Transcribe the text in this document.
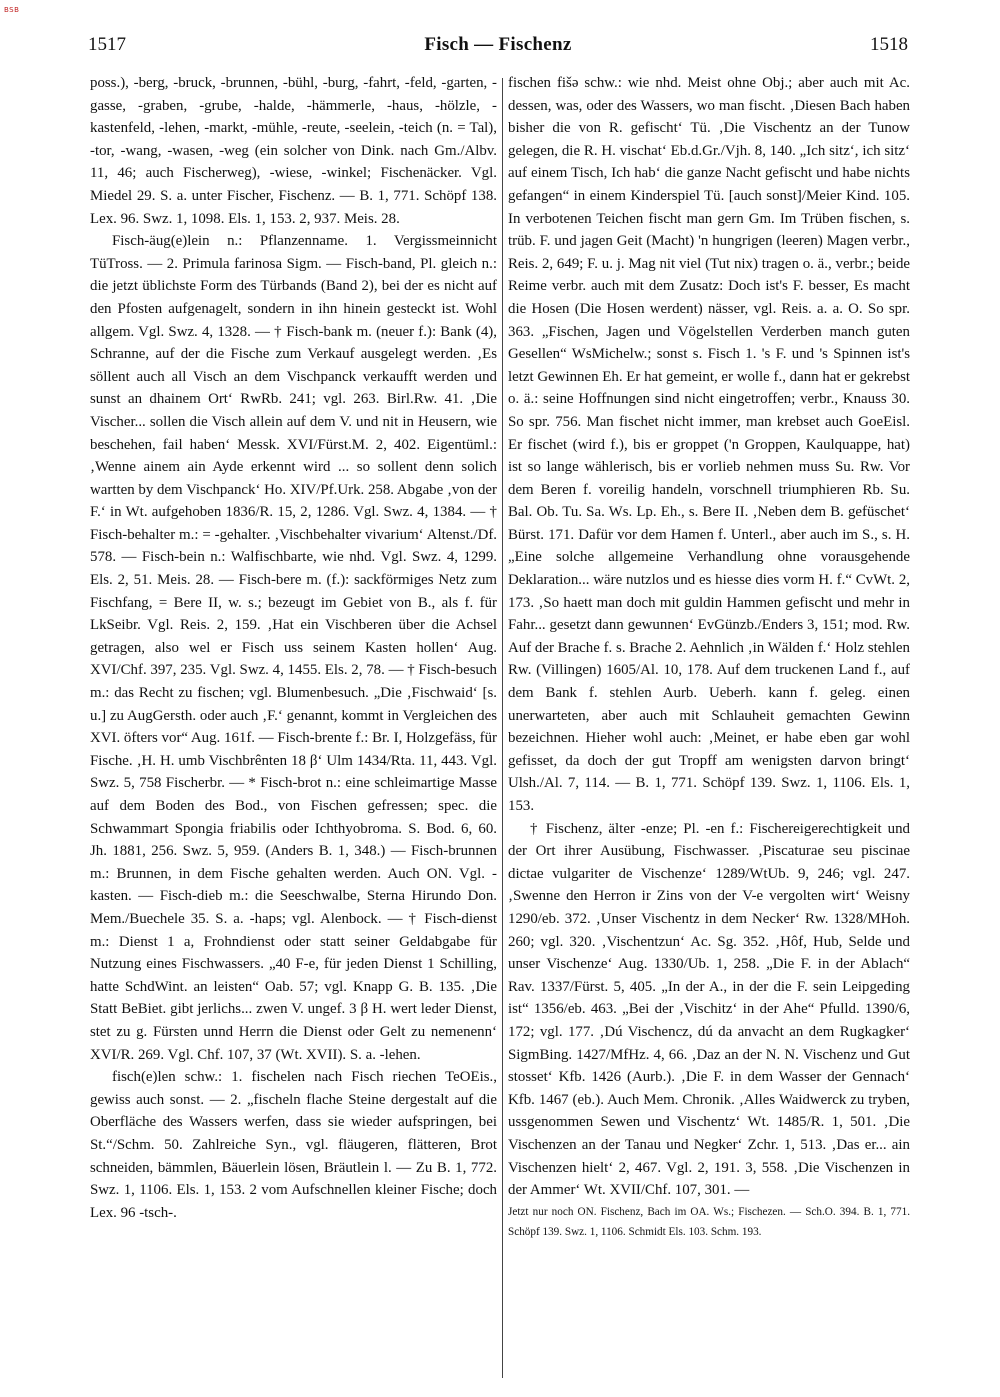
BSB
1517	Fisch — Fischenz	1518

poss.), -berg, -bruck, -brunnen, -bühl, -burg, -fahrt, -feld, -garten, -gasse, -graben, -grube, -halde, -hämmerle, -haus, -hölzle, -kastenfeld, -lehen, -markt, -mühle, -reute, -seelein, -teich (n. = Tal), -tor, -wang, -wasen, -weg (ein solcher von Dink. nach Gm./Albv. 11, 46; auch Fischerweg), -wiese, -winkel; Fischenäcker. Vgl. Miedel 29. S. a. unter Fischer, Fischenz. — B. 1, 771. Schöpf 138. Lex. 96. Swz. 1, 1098. Els. 1, 153. 2, 937. Meis. 28.

Fisch-äug(e)lein n.: Pflanzenname. 1. Vergissmeinnicht TüTross. — 2. Primula farinosa Sigm. — Fisch-band, Pl. gleich n.: die jetzt üblichste Form des Türbands (Band 2), bei der es nicht auf den Pfosten aufgenagelt, sondern in ihn hinein gesteckt ist. Wohl allgem. Vgl. Swz. 4, 1328. — † Fisch-bank m. (neuer f.): Bank (4), Schranne, auf der die Fische zum Verkauf ausgelegt werden. ‚Es söllent auch all Visch an dem Vischpanck verkaufft werden und sunst an dhainem Ort‘ RwRb. 241; vgl. 263. Birl.Rw. 41. ‚Die Vischer... sollen die Visch allein auf dem V. und nit in Heusern, wie beschehen, fail haben‘ Messk. XVI/Fürst.M. 2, 402. Eigentüml.: ‚Wenne ainem ain Ayde erkennt wird ... so sollent denn solich wartten by dem Vischpanck‘ Ho. XIV/Pf.Urk. 258. Abgabe ‚von der F.‘ in Wt. aufgehoben 1836/R. 15, 2, 1286. Vgl. Swz. 4, 1384. — † Fisch-behalter m.: = -gehalter. ‚Vischbehalter vivarium‘ Altenst./Df. 578. — Fisch-bein n.: Walfischbarte, wie nhd. Vgl. Swz. 4, 1299. Els. 2, 51. Meis. 28. — Fisch-bere m. (f.): sackförmiges Netz zum Fischfang, = Bere II, w. s.; bezeugt im Gebiet von B., als f. für LkSeibr. Vgl. Reis. 2, 159. ‚Hat ein Vischberen über die Achsel getragen, also wel er Fisch uss seinem Kasten hollen‘ Aug. XVI/Chf. 397, 235. Vgl. Swz. 4, 1455. Els. 2, 78. — † Fisch-besuch m.: das Recht zu fischen; vgl. Blumenbesuch. „Die ‚Fischwaid‘ [s. u.] zu AugGersth. oder auch ‚F.‘ genannt, kommt in Vergleichen des XVI. öfters vor“ Aug. 161f. — Fisch-brente f.: Br. I, Holzgefäss, für Fische. ‚H. H. umb Vischbrênten 18 β‘ Ulm 1434/Rta. 11, 443. Vgl. Swz. 5, 758 Fischerbr. — * Fisch-brot n.: eine schleimartige Masse auf dem Boden des Bod., von Fischen gefressen; spec. die Schwammart Spongia friabilis oder Ichthyobroma. S. Bod. 6, 60. Jh. 1881, 256. Swz. 5, 959. (Anders B. 1, 348.) — Fisch-brunnen m.: Brunnen, in dem Fische gehalten werden. Auch ON. Vgl. -kasten. — Fisch-dieb m.: die Seeschwalbe, Sterna Hirundo Don. Mem./Buechele 35. S. a. -haps; vgl. Alenbock. — † Fisch-dienst m.: Dienst 1 a, Frohndienst oder statt seiner Geldabgabe für Nutzung eines Fischwassers. „40 F-e, für jeden Dienst 1 Schilling, hatte SchdWint. an leisten“ Oab. 57; vgl. Knapp G. B. 135. ‚Die Statt BeBiet. gibt jerlichs... zwen V. ungef. 3 β H. wert leder Dienst, stet zu g. Fürsten unnd Herrn die Dienst oder Gelt zu nemenenn‘ XVI/R. 269. Vgl. Chf. 107, 37 (Wt. XVII). S. a. -lehen.

fisch(e)len schw.: 1. fischelen nach Fisch riechen TeOEis., gewiss auch sonst. — 2. „fischeln flache Steine dergestalt auf die Oberfläche des Wassers werfen, dass sie wieder aufspringen, bei St.“/Schm. 50. Zahlreiche Syn., vgl. fläugeren, flätteren, Brot schneiden, bämmlen, Bäuerlein lösen, Bräutlein l. — Zu B. 1, 772. Swz. 1, 1106. Els. 1, 153. 2 vom Aufschnellen kleiner Fische; doch Lex. 96 -tsch-.

fischen fišə schw.: wie nhd. Meist ohne Obj.; aber auch mit Ac. dessen, was, oder des Wassers, wo man fischt. ‚Diesen Bach haben bisher die von R. gefischt‘ Tü. ‚Die Vischentz an der Tunow gelegen, die R. H. vischat‘ Eb.d.Gr./Vjh. 8, 140. „Ich sitz‘, ich sitz‘ auf einem Tisch, Ich hab‘ die ganze Nacht gefischt und habe nichts gefangen“ in einem Kinderspiel Tü. [auch sonst]/Meier Kind. 105. In verbotenen Teichen fischt man gern Gm. Im Trüben fischen, s. trüb. F. und jagen Geit (Macht) 'n hungrigen (leeren) Magen verbr., Reis. 2, 649; F. u. j. Mag nit viel (Tut nix) tragen o. ä., verbr.; beide Reime verbr. auch mit dem Zusatz: Doch ist's F. besser, Es macht die Hosen (Die Hosen werdent) nässer, vgl. Reis. a. a. O. So spr. 363. „Fischen, Jagen und Vögelstellen Verderben manch guten Gesellen“ WsMichelw.; sonst s. Fisch 1. 's F. und 's Spinnen ist's letzt Gewinnen Eh. Er hat gemeint, er wolle f., dann hat er gekrebst o. ä.: seine Hoffnungen sind nicht eingetroffen; verbr., Knauss 30. So spr. 756. Man fischet nicht immer, man krebset auch GoeEisl. Er fischet (wird f.), bis er groppet ('n Groppen, Kaulquappe, hat) ist so lange wählerisch, bis er vorlieb nehmen muss Su. Rw. Vor dem Beren f. voreilig handeln, vorschnell triumphieren Rb. Su. Bal. Ob. Tu. Sa. Ws. Lp. Eh., s. Bere II. ‚Neben dem B. gefüschet‘ Bürst. 171. Dafür vor dem Hamen f. Unterl., aber auch im S., s. H. „Eine solche allgemeine Verhandlung ohne vorausgehende Deklaration... wäre nutzlos und es hiesse dies vorm H. f.“ CvWt. 2, 173. ‚So haett man doch mit guldin Hammen gefischt und mehr in Fahr... gesetzt dann gewunnen‘ EvGünzb./Enders 3, 151; mod. Rw. Auf der Brache f. s. Brache 2. Aehnlich ‚in Wälden f.‘ Holz stehlen Rw. (Villingen) 1605/Al. 10, 178. Auf dem truckenen Land f., auf dem Bank f. stehlen Aurb. Ueberh. kann f. geleg. einen unerwarteten, aber auch mit Schlauheit gemachten Gewinn bezeichnen. Hieher wohl auch: ‚Meinet, er habe eben gar wohl gefisset, da doch der gut Tropff am wenigsten darvon bringt‘ Ulsh./Al. 7, 114. — B. 1, 771. Schöpf 139. Swz. 1, 1106. Els. 1, 153.

† Fischenz, älter -enze; Pl. -en f.: Fischereigerechtigkeit und der Ort ihrer Ausübung, Fischwasser. ‚Piscaturae seu piscinae dictae vulgariter de Vischenze‘ 1289/WtUb. 9, 246; vgl. 247. ‚Swenne den Herron ir Zins von der V-e vergolten wirt‘ Weisny 1290/eb. 372. ‚Unser Vischentz in dem Necker‘ Rw. 1328/MHoh. 260; vgl. 320. ‚Vischentzun‘ Ac. Sg. 352. ‚Hôf, Hub, Selde und unser Vischenze‘ Aug. 1330/Ub. 1, 258. „Die F. in der Ablach“ Rav. 1337/Fürst. 5, 405. „In der A., in der die F. sein Leipgeding ist“ 1356/eb. 463. „Bei der ‚Vischitz‘ in der Ahe“ Pfulld. 1390/6, 172; vgl. 177. ‚Dú Vischencz, dú da anvacht an dem Rugkagker‘ SigmBing. 1427/MfHz. 4, 66. ‚Daz an der N. N. Vischenz und Gut stosset‘ Kfb. 1426 (Aurb.). ‚Die F. in dem Wasser der Gennach‘ Kfb. 1467 (eb.). Auch Mem. Chronik. ‚Alles Waidwerck zu tryben, ussgenommen Sewen und Vischentz‘ Wt. 1485/R. 1, 501. ‚Die Vischenzen an der Tanau und Negker‘ Zchr. 1, 513. ‚Das er... ain Vischenzen hielt‘ 2, 467. Vgl. 2, 191. 3, 558. ‚Die Vischenzen in der Ammer‘ Wt. XVII/Chf. 107, 301. —

Jetzt nur noch ON. Fischenz, Bach im OA. Ws.; Fischezen. — Sch.O. 394. B. 1, 771. Schöpf 139. Swz. 1, 1106. Schmidt Els. 103. Schm. 193.
